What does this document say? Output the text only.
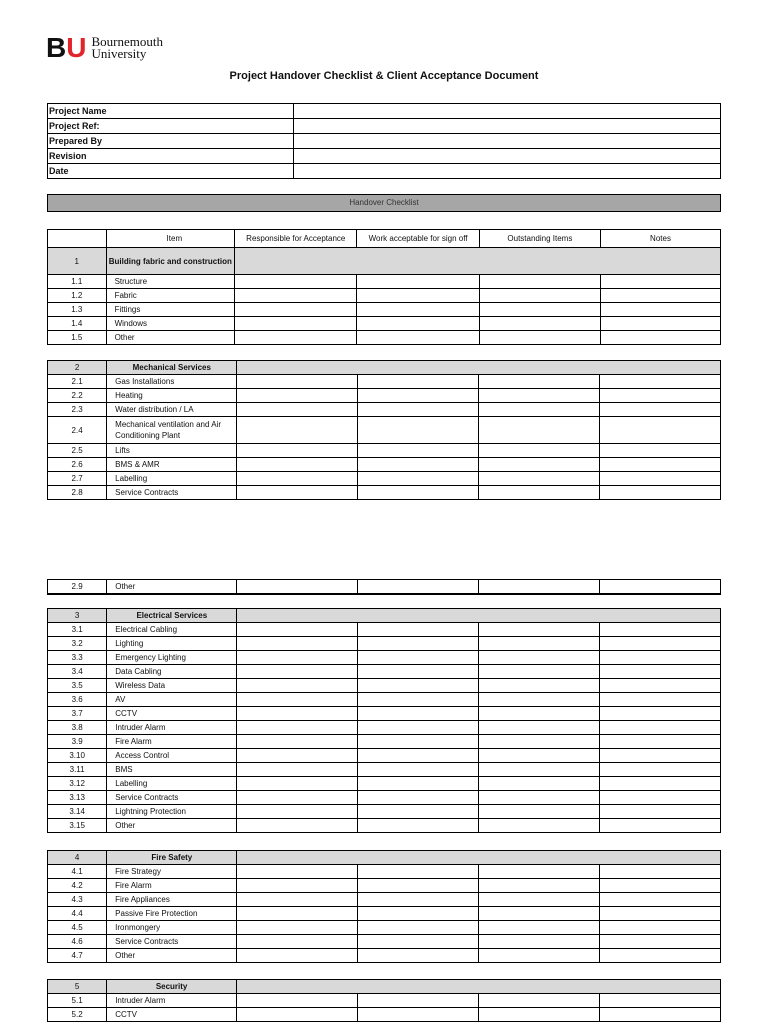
B U Bournemouth
University
Project Handover Checklist & Client Acceptance Document
Project Name	
Project Ref:	
Prepared By	
Revision	
Date	
Handover Checklist
	Item	Responsible for Acceptance	Work acceptable for sign off	Outstanding Items	Notes
1	Building fabric and construction				
1.1	Structure				
1.2	Fabric				
1.3	Fittings				
1.4	Windows				
1.5	Other				
2	Mechanical Services				
2.1	Gas Installations				
2.2	Heating				
2.3	Water distribution / LA				
2.4	Mechanical ventilation and Air Conditioning Plant				
2.5	Lifts				
2.6	BMS & AMR				
2.7	Labelling				
2.8	Service Contracts				
2.9	Other				
3	Electrical Services				
3.1	Electrical Cabling				
3.2	Lighting				
3.3	Emergency Lighting				
3.4	Data Cabling				
3.5	Wireless Data				
3.6	AV				
3.7	CCTV				
3.8	Intruder Alarm				
3.9	Fire Alarm				
3.10	Access Control				
3.11	BMS				
3.12	Labelling				
3.13	Service Contracts				
3.14	Lightning Protection				
3.15	Other				
4	Fire Safety				
4.1	Fire Strategy				
4.2	Fire Alarm				
4.3	Fire Appliances				
4.4	Passive Fire Protection				
4.5	Ironmongery				
4.6	Service Contracts				
4.7	Other				
5	Security				
5.1	Intruder Alarm				
5.2	CCTV				
